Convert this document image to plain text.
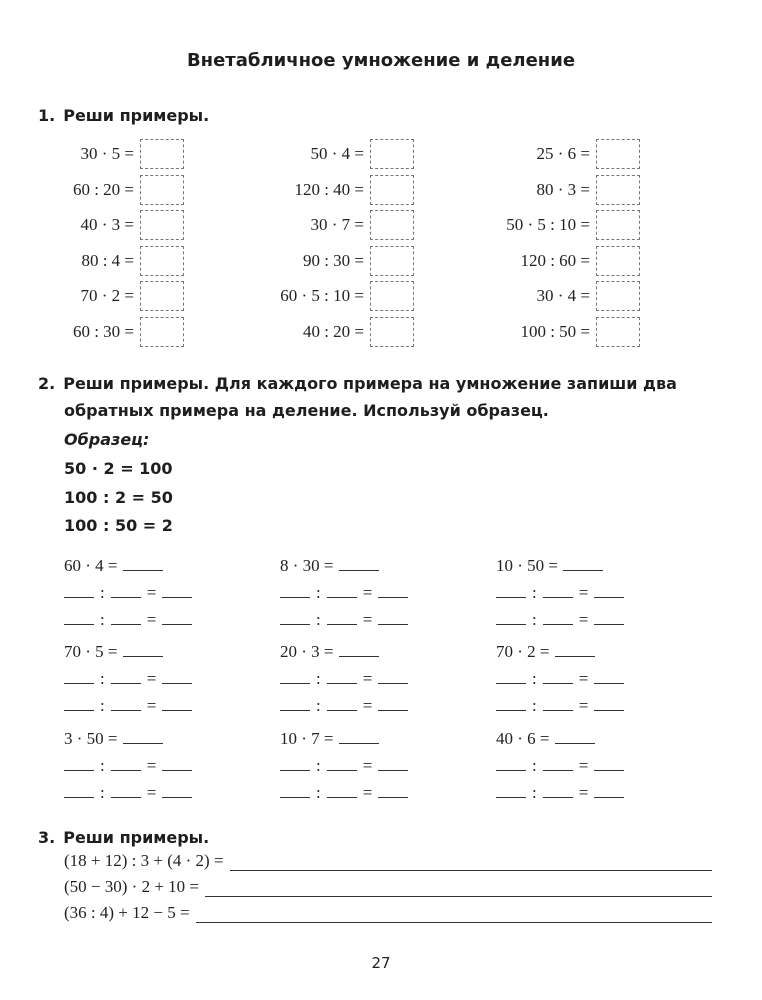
Внетабличное умножение и деление
1. Реши примеры.
30 · 5 =
60 : 20 =
40 · 3 =
80 : 4 =
70 · 2 =
60 : 30 =
50 · 4 =
120 : 40 =
30 · 7 =
90 : 30 =
60 · 5 : 10 =
40 : 20 =
25 · 6 =
80 · 3 =
50 · 5 : 10 =
120 : 60 =
30 · 4 =
100 : 50 =
2. Реши примеры. Для каждого примера на умножение запиши два
обратных примера на деление. Используй образец.
Образец:
50 · 2 = 100
100 : 2 = 50
100 : 50 = 2
60 · 4 =
: =
: =
8 · 30 =
: =
: =
10 · 50 =
: =
: =
70 · 5 =
: =
: =
20 · 3 =
: =
: =
70 · 2 =
: =
: =
3 · 50 =
: =
: =
10 · 7 =
: =
: =
40 · 6 =
: =
: =
3. Реши примеры.
(18 + 12) : 3 + (4 · 2) =
(50 − 30) · 2 + 10 =
(36 : 4) + 12 − 5 =
27
